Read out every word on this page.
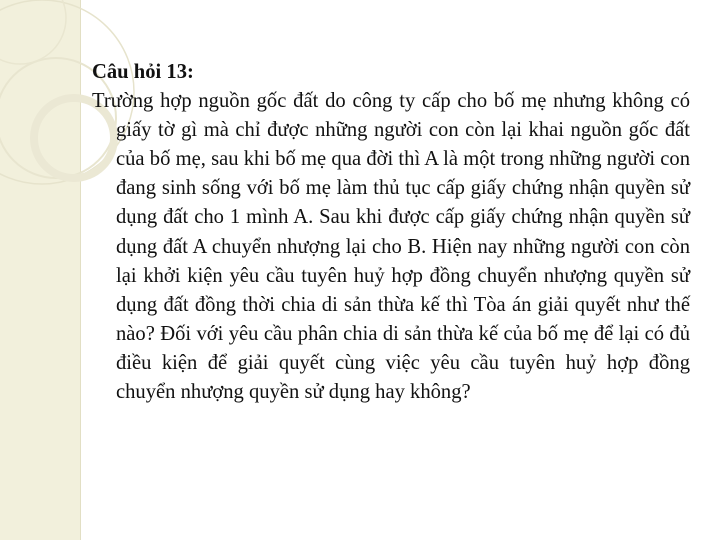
Câu hỏi 13:

Trường hợp nguồn gốc đất do công ty cấp cho bố mẹ nhưng không có giấy tờ gì mà chỉ được những người con còn lại khai nguồn gốc đất của bố mẹ, sau khi bố mẹ qua đời thì A là một trong những người con đang sinh sống với bố mẹ làm thủ tục cấp giấy chứng nhận quyền sử dụng đất cho 1 mình A. Sau khi được cấp giấy chứng nhận quyền sử dụng đất A chuyển nhượng lại cho B. Hiện nay những người con còn lại khởi kiện yêu cầu tuyên huỷ hợp đồng chuyển nhượng quyền sử dụng đất đồng thời chia di sản thừa kế thì Tòa án giải quyết như thế nào? Đối với yêu cầu phân chia di sản thừa kế của bố mẹ để lại có đủ điều kiện để giải quyết cùng việc yêu cầu tuyên huỷ hợp đồng chuyển nhượng quyền sử dụng hay không?
